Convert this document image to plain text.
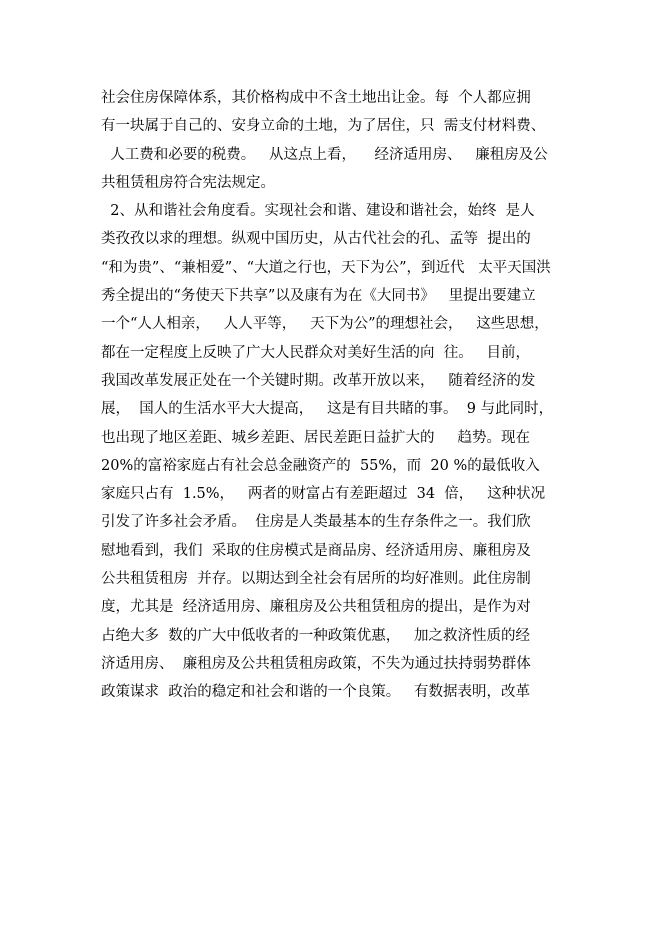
社会住房保障体系，其价格构成中不含土地出让金。每  个人都应拥
有一块属于自己的、安身立命的土地，为了居住，只  需支付材料费、
人工费和必要的税费。   从这点上看，    经济适用房、   廉租房及公
共租赁租房符合宪法规定。
2、从和谐社会角度看。实现社会和谐、建设和谐社会，始终  是人
类孜孜以求的理想。纵观中国历史，从古代社会的孔、孟等  提出的
“和为贵”、“兼相爱”、“大道之行也，天下为公”，到近代   太平天国洪
秀全提出的“务使天下共享”以及康有为在《大同书》   里提出要建立
一个“人人相亲，   人人平等，   天下为公”的理想社会，   这些思想，
都在一定程度上反映了广大人民群众对美好生活的向  往。   目前，
我国改革发展正处在一个关键时期。改革开放以来，   随着经济的发
展，  国人的生活水平大大提高，   这是有目共睹的事。  9 与此同时，
也出现了地区差距、城乡差距、居民差距日益扩大的     趋势。现在
20%的富裕家庭占有社会总金融资产的  55%，而  20 %的最低收入
家庭只占有  1.5%，   两者的财富占有差距超过  34  倍，   这种状况
引发了许多社会矛盾。  住房是人类最基本的生存条件之一。我们欣
慰地看到，我们  采取的住房模式是商品房、经济适用房、廉租房及
公共租赁租房  并存。以期达到全社会有居所的均好准则。此住房制
度，尤其是  经济适用房、廉租房及公共租赁租房的提出，是作为对
占绝大多  数的广大中低收者的一种政策优惠，   加之救济性质的经
济适用房、  廉租房及公共租赁租房政策，不失为通过扶持弱势群体
政策谋求  政治的稳定和社会和谐的一个良策。   有数据表明，改革
